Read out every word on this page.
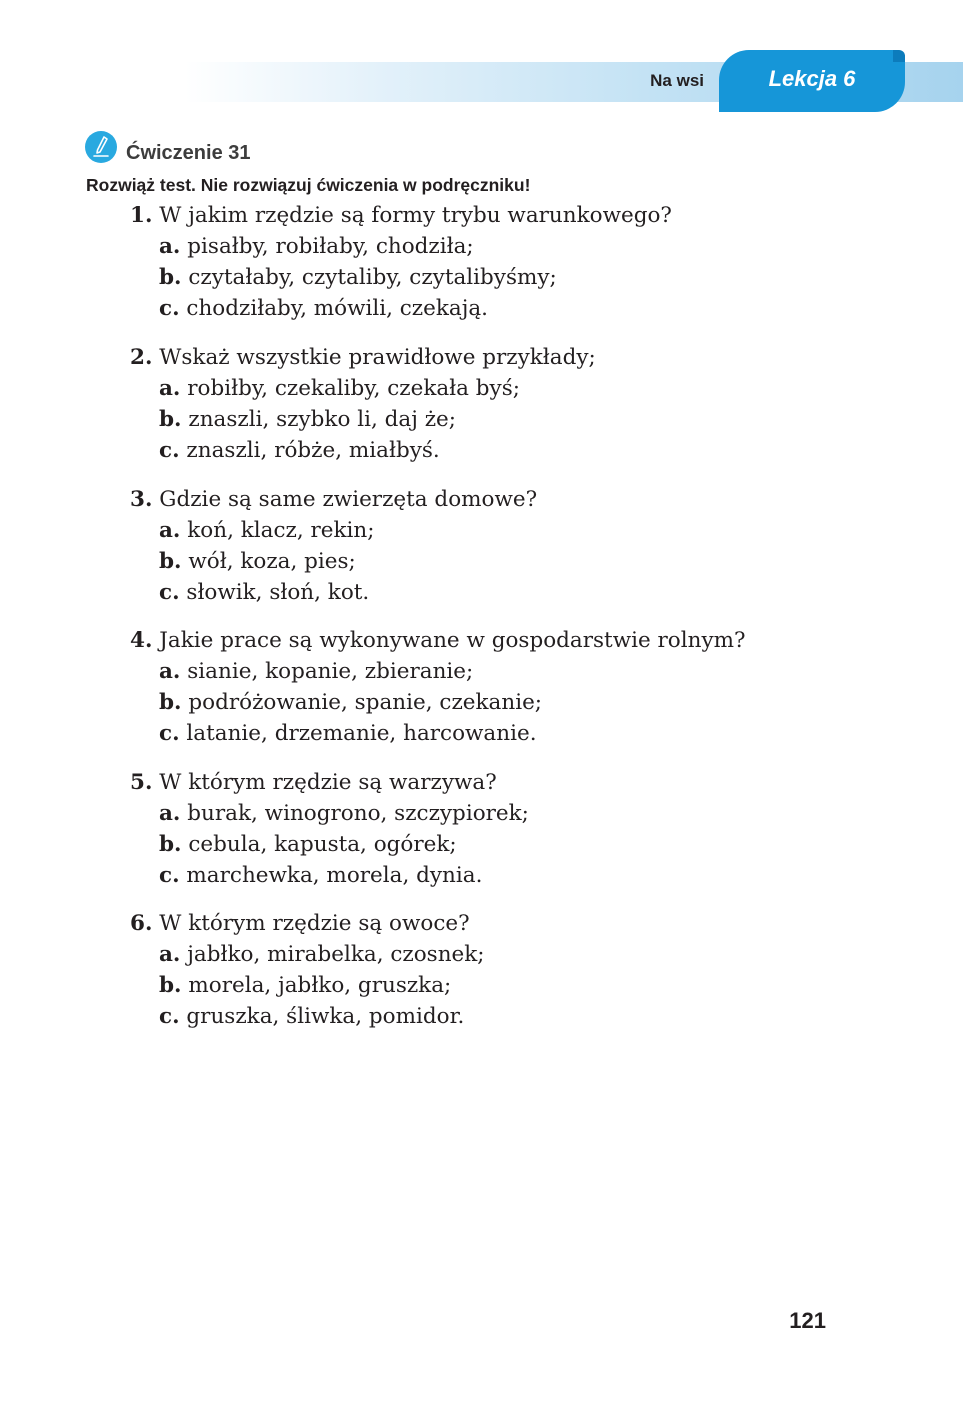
Na wsi	Lekcja 6
Ćwiczenie 31
Rozwiąż test. Nie rozwiązuj ćwiczenia w podręczniku!
1. W jakim rzędzie są formy trybu warunkowego?
a. pisałby, robiłaby, chodziła;
b. czytałaby, czytaliby, czytalibyśmy;
c. chodziłaby, mówili, czekają.
2. Wskaż wszystkie prawidłowe przykłady;
a. robiłby, czekaliby, czekała byś;
b. znaszli, szybko li, daj że;
c. znaszli, róbże, miałbyś.
3. Gdzie są same zwierzęta domowe?
a. koń, klacz, rekin;
b. wół, koza, pies;
c. słowik, słoń, kot.
4. Jakie prace są wykonywane w gospodarstwie rolnym?
a. sianie, kopanie, zbieranie;
b. podróżowanie, spanie, czekanie;
c. latanie, drzemanie, harcowanie.
5. W którym rzędzie są warzywa?
a. burak, winogrono, szczypiorek;
b. cebula, kapusta, ogórek;
c. marchewka, morela, dynia.
6. W którym rzędzie są owoce?
a. jabłko, mirabelka, czosnek;
b. morela, jabłko, gruszka;
c. gruszka, śliwka, pomidor.
121
